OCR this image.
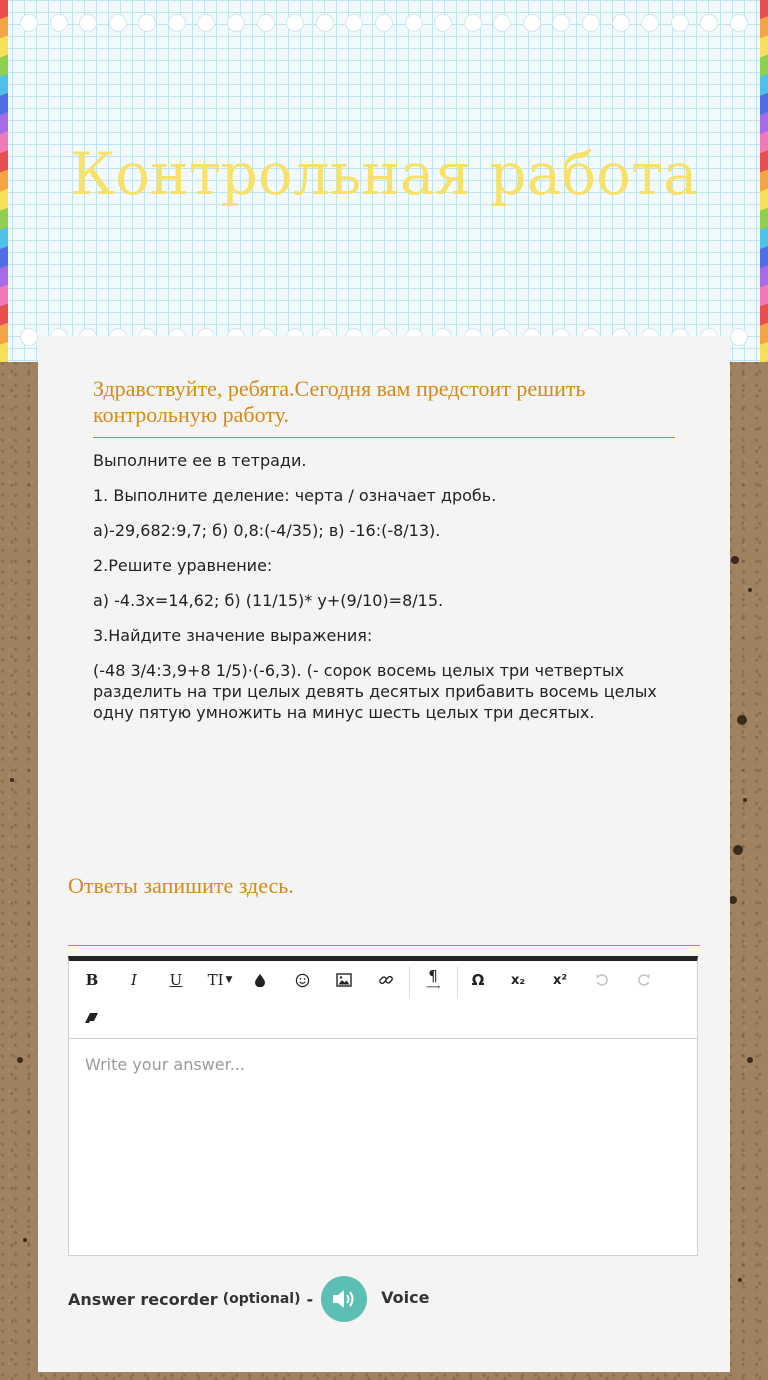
Контрольная работа
Здравствуйте, ребята.Сегодня вам предстоит решить контрольную работу.

Выполните ее в тетради.

1. Выполните деление: черта / означает дробь.

а)-29,682:9,7; б) 0,8:(-4/35); в) -16:(-8/13).

2.Решите уравнение:

а) -4.3х=14,62; б) (11/15)* у+(9/10)=8/15.

3.Найдите значение выражения:

(-48 3/4:3,9+8 1/5)·(-6,3). (- сорок восемь целых три четвертых разделить на три целых девять десятых прибавить восемь целых одну пятую умножить на минус шесть целых три десятых.

Ответы запишите здесь.
B	I	U	TI ▼	¶
⟶	Ω	x₂	x²
Write your answer...
Answer recorder (optional) -	Voice
